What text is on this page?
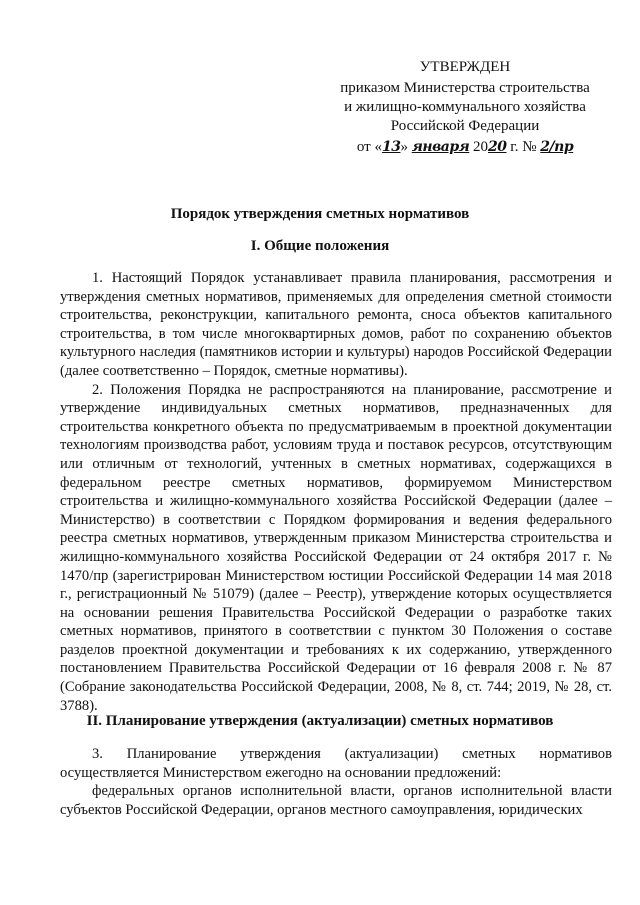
УТВЕРЖДЕН
приказом Министерства строительства
и жилищно-коммунального хозяйства
Российской Федерации
от «13» января 2020 г. № 2/пр
Порядок утверждения сметных нормативов
I. Общие положения

1. Настоящий Порядок устанавливает правила планирования, рассмотрения и утверждения сметных нормативов, применяемых для определения сметной стоимости строительства, реконструкции, капитального ремонта, сноса объектов капитального строительства, в том числе многоквартирных домов, работ по сохранению объектов культурного наследия (памятников истории и культуры) народов Российской Федерации (далее соответственно – Порядок, сметные нормативы).

2. Положения Порядка не распространяются на планирование, рассмотрение и утверждение индивидуальных сметных нормативов, предназначенных для строительства конкретного объекта по предусматриваемым в проектной документации технологиям производства работ, условиям труда и поставок ресурсов, отсутствующим или отличным от технологий, учтенных в сметных нормативах, содержащихся в федеральном реестре сметных нормативов, формируемом Министерством строительства и жилищно-коммунального хозяйства Российской Федерации (далее – Министерство) в соответствии с Порядком формирования и ведения федерального реестра сметных нормативов, утвержденным приказом Министерства строительства и жилищно-коммунального хозяйства Российской Федерации от 24 октября 2017 г. № 1470/пр (зарегистрирован Министерством юстиции Российской Федерации 14 мая 2018 г., регистрационный № 51079) (далее – Реестр), утверждение которых осуществляется на основании решения Правительства Российской Федерации о разработке таких сметных нормативов, принятого в соответствии с пунктом 30 Положения о составе разделов проектной документации и требованиях к их содержанию, утвержденного постановлением Правительства Российской Федерации от 16 февраля 2008 г. № 87 (Собрание законодательства Российской Федерации, 2008, № 8, ст. 744; 2019, № 28, ст. 3788).

II. Планирование утверждения (актуализации) сметных нормативов

3. Планирование утверждения (актуализации) сметных нормативов осуществляется Министерством ежегодно на основании предложений:

федеральных органов исполнительной власти, органов исполнительной власти субъектов Российской Федерации, органов местного самоуправления, юридических
